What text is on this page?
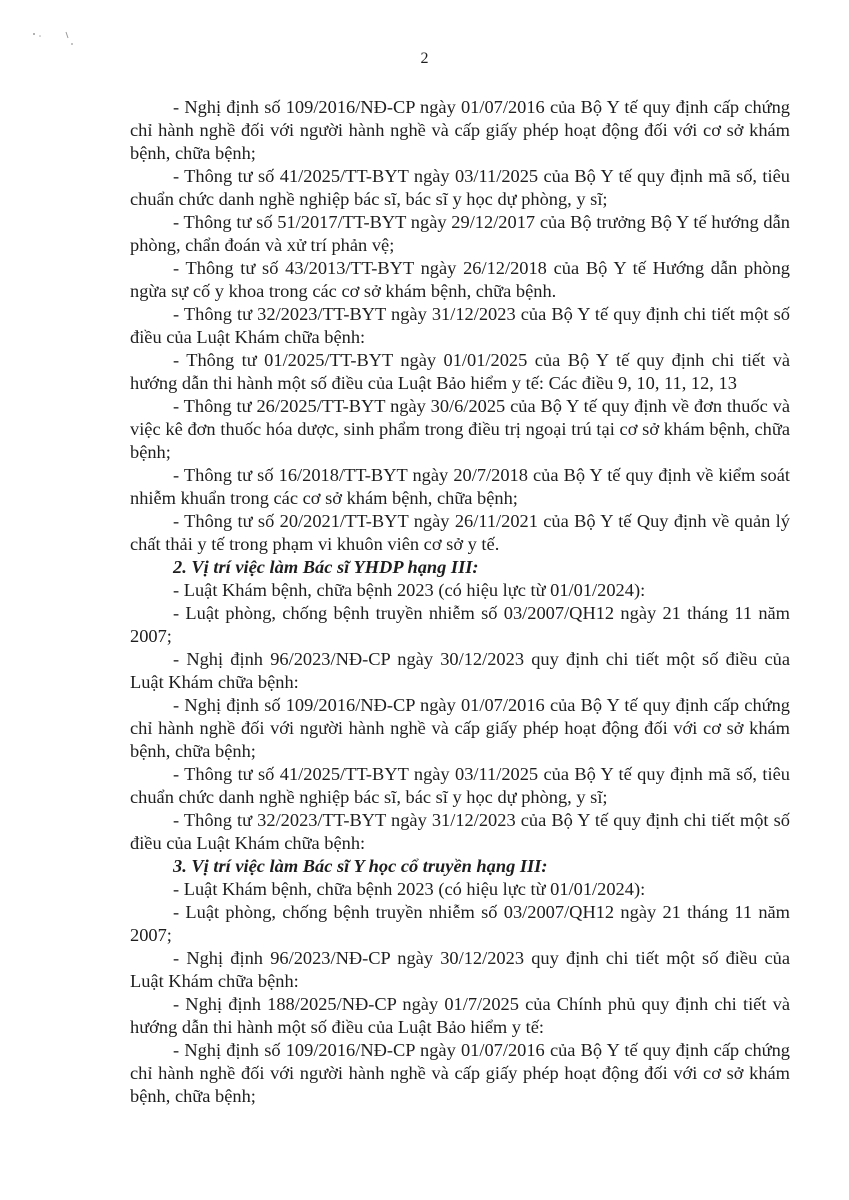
2

- Nghị định số 109/2016/NĐ-CP ngày 01/07/2016 của Bộ Y tế quy định cấp chứng chỉ hành nghề đối với người hành nghề và cấp giấy phép hoạt động đối với cơ sở khám bệnh, chữa bệnh;

- Thông tư số 41/2025/TT-BYT ngày 03/11/2025 của Bộ Y tế quy định mã số, tiêu chuẩn chức danh nghề nghiệp bác sĩ, bác sĩ y học dự phòng, y sĩ;

- Thông tư số 51/2017/TT-BYT ngày 29/12/2017 của Bộ trưởng Bộ Y tế hướng dẫn phòng, chẩn đoán và xử trí phản vệ;

- Thông tư số 43/2013/TT-BYT ngày 26/12/2018 của Bộ Y tế Hướng dẫn phòng ngừa sự cố y khoa trong các cơ sở khám bệnh, chữa bệnh.

- Thông tư 32/2023/TT-BYT ngày 31/12/2023 của Bộ Y tế quy định chi tiết một số điều của Luật Khám chữa bệnh:

- Thông tư 01/2025/TT-BYT ngày 01/01/2025 của Bộ Y tế quy định chi tiết và hướng dẫn thi hành một số điều của Luật Bảo hiểm y tế: Các điều 9, 10, 11, 12, 13

- Thông tư 26/2025/TT-BYT ngày 30/6/2025 của Bộ Y tế quy định về đơn thuốc và việc kê đơn thuốc hóa dược, sinh phẩm trong điều trị ngoại trú tại cơ sở khám bệnh, chữa bệnh;

- Thông tư số 16/2018/TT-BYT ngày 20/7/2018 của Bộ Y tế quy định về kiểm soát nhiễm khuẩn trong các cơ sở khám bệnh, chữa bệnh;

- Thông tư số 20/2021/TT-BYT ngày 26/11/2021 của Bộ Y tế Quy định về quản lý chất thải y tế trong phạm vi khuôn viên cơ sở y tế.

2. Vị trí việc làm Bác sĩ YHDP hạng III:

- Luật Khám bệnh, chữa bệnh 2023 (có hiệu lực từ 01/01/2024):

- Luật phòng, chống bệnh truyền nhiễm số 03/2007/QH12 ngày 21 tháng 11 năm 2007;

- Nghị định 96/2023/NĐ-CP ngày 30/12/2023 quy định chi tiết một số điều của Luật Khám chữa bệnh:

- Nghị định số 109/2016/NĐ-CP ngày 01/07/2016 của Bộ Y tế quy định cấp chứng chỉ hành nghề đối với người hành nghề và cấp giấy phép hoạt động đối với cơ sở khám bệnh, chữa bệnh;

- Thông tư số 41/2025/TT-BYT ngày 03/11/2025 của Bộ Y tế quy định mã số, tiêu chuẩn chức danh nghề nghiệp bác sĩ, bác sĩ y học dự phòng, y sĩ;

- Thông tư 32/2023/TT-BYT ngày 31/12/2023 của Bộ Y tế quy định chi tiết một số điều của Luật Khám chữa bệnh:

3. Vị trí việc làm Bác sĩ Y học cổ truyền hạng III:

- Luật Khám bệnh, chữa bệnh 2023 (có hiệu lực từ 01/01/2024):

- Luật phòng, chống bệnh truyền nhiễm số 03/2007/QH12 ngày 21 tháng 11 năm 2007;

- Nghị định 96/2023/NĐ-CP ngày 30/12/2023 quy định chi tiết một số điều của Luật Khám chữa bệnh:

- Nghị định 188/2025/NĐ-CP ngày 01/7/2025 của Chính phủ quy định chi tiết và hướng dẫn thi hành một số điều của Luật Bảo hiểm y tế:

- Nghị định số 109/2016/NĐ-CP ngày 01/07/2016 của Bộ Y tế quy định cấp chứng chỉ hành nghề đối với người hành nghề và cấp giấy phép hoạt động đối với cơ sở khám bệnh, chữa bệnh;
